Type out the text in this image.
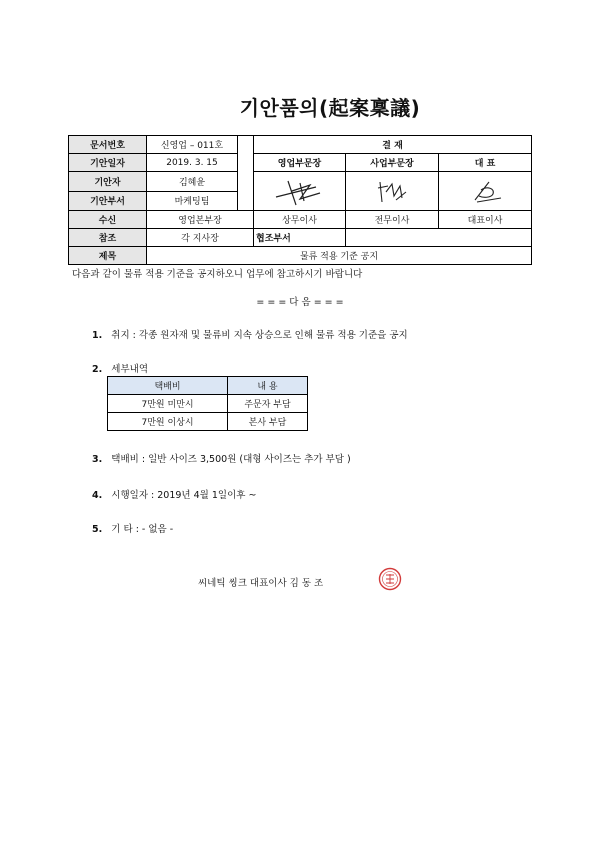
기안품의(起案稟議)
문서번호	신영업 – 011호		결 재		
기안일자	2019. 3. 15		영업부문장	사업부문장	대 표
기안자	김혜윤	

기안부서	마케팅팀				
수신	영업본부장		상무이사	전무이사	대표이사
참조	각 지사장		협조부서		
제목	물류 적용 기준 공지				
다음과 같이 물류 적용 기준을 공지하오니 업무에 참고하시기 바랍니다
= = = 다 음 = = =
1. 취지 : 각종 원자재 및 물류비 지속 상승으로 인해 물류 적용 기준을 공지
2. 세부내역
택배비	내 용
7만원 미만시	주문자 부담
7만원 이상시	본사 부담
3. 택배비 : 일반 사이즈 3,500원 (대형 사이즈는 추가 부담 )
4. 시행일자 : 2019년 4월 1일이후 ~
5. 기 타 : - 없음 -
씨네틱 씽크 대표이사 김 동 조
